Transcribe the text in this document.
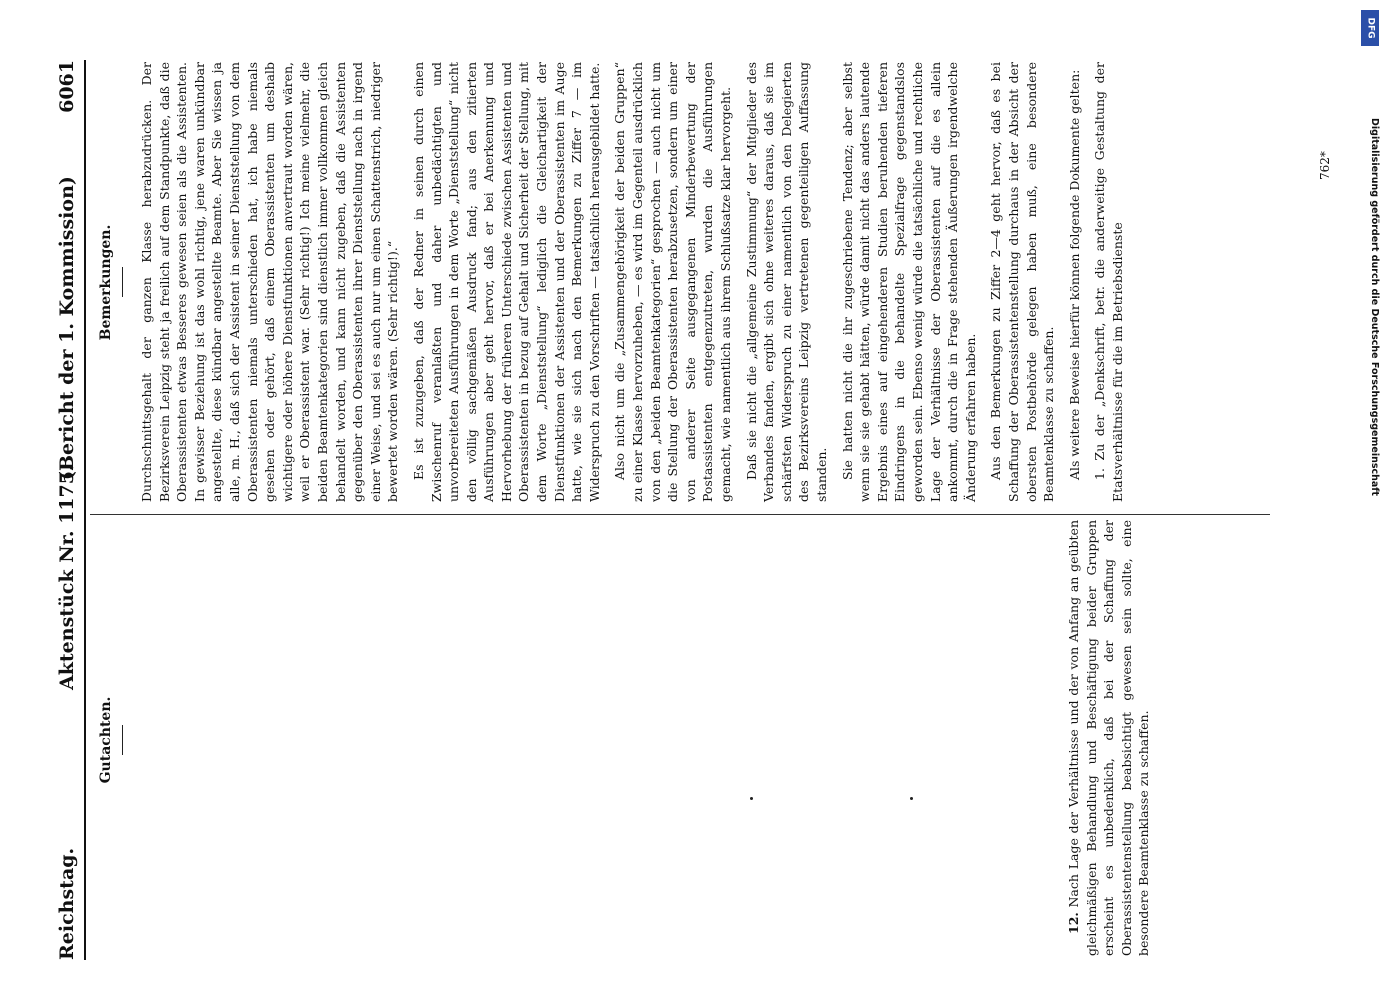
Reichstag.
Aktenstück Nr. 1175.
(Bericht der 1. Kommission)
6061
Gutachten.
Bemerkungen. Durchschnittsgehalt der ganzen Klasse herabzudrücken. Der Bezirksverein Leipzig steht ja freilich auf dem Standpunkte, daß die Oberassistenten etwas Besseres gewesen seien als die Assistenten. In gewisser Beziehung ist das wohl richtig, jene waren unkündbar angestellte, diese kündbar angestellte Beamte. Aber Sie wissen ja alle, m. H., daß sich der Assistent in seiner Dienststellung von dem Oberassistenten niemals unterschieden hat, ich habe niemals gesehen oder gehört, daß einem Oberassistenten um deshalb wichtigere oder höhere Dienstfunktionen anvertraut worden wären, weil er Oberassistent war. (Sehr richtig!) Ich meine vielmehr, die beiden Beamtenkategorien sind dienstlich immer vollkommen gleich behandelt worden, und kann nicht zugeben, daß die Assistenten gegenüber den Oberassistenten ihrer Dienststellung nach in irgend einer Weise, und sei es auch nur um einen Schattenstrich, niedriger bewertet worden wären. (Sehr richtig!).“ Es ist zuzugeben, daß der Redner in seinen durch einen Zwischenruf veranlaßten und daher unbedächtigten und unvorbereiteten Ausführungen in dem Worte „Dienststellung“ nicht den völlig sachgemäßen Ausdruck fand; aus den zitierten Ausführungen aber geht hervor, daß er bei Anerkennung und Hervorhebung der früheren Unterschiede zwischen Assistenten und Oberassistenten in bezug auf Gehalt und Sicherheit der Stellung, mit dem Worte „Dienststellung“ lediglich die Gleichartigkeit der Dienstfunktionen der Assistenten und der Oberassistenten im Auge hatte, wie sie sich nach den Bemerkungen zu Ziffer 7 — im Widerspruch zu den Vorschriften — tatsächlich herausgebildet hatte. Also nicht um die „Zusammengehörigkeit der beiden Gruppen“ zu einer Klasse hervorzuheben, — es wird im Gegenteil ausdrücklich von den „beiden Beamtenkategorien“ gesprochen — auch nicht um die Stellung der Oberassistenten herabzusetzen, sondern um einer von anderer Seite ausgegangenen Minderbewertung der Postassistenten entgegenzutreten, wurden die Ausführungen gemacht, wie namentlich aus ihrem Schlußsatze klar hervorgeht. Daß sie nicht die „allgemeine Zustimmung“ der Mitglieder des Verbandes fanden, ergibt sich ohne weiteres daraus, daß sie im schärfsten Widerspruch zu einer namentlich von den Delegierten des Bezirksvereins Leipzig vertretenen gegenteiligen Auffassung standen. Sie hatten nicht die ihr zugeschriebene Tendenz; aber selbst wenn sie sie gehabt hätten, würde damit nicht das anders lautende Ergebnis eines auf eingehenderen Studien beruhenden tieferen Eindringens in die behandelte Spezialfrage gegenstandslos geworden sein. Ebenso wenig würde die tatsächliche und rechtliche Lage der Verhältnisse der Oberassistenten auf die es allein ankommt, durch die in Frage stehenden Äußerungen irgendwelche Änderung erfahren haben. Aus den Bemerkungen zu Ziffer 2—4 geht hervor, daß es bei Schaffung der Oberassistentenstellung durchaus in der Absicht der obersten Postbehörde gelegen haben muß, eine besondere Beamtenklasse zu schaffen. Als weitere Beweise hierfür können folgende Dokumente gelten: 1. Zu der „Denkschrift, betr. die anderweitige Gestaltung der Etatsverhältnisse für die im Betriebsdienste

12. Nach Lage der Verhältnisse und der von Anfang an geübten gleichmäßigen Behandlung und Beschäftigung beider Gruppen erscheint es unbedenklich, daß bei der Schaffung der Oberassistentenstellung beabsichtigt gewesen sein sollte, eine besondere Beamtenklasse zu schaffen.

762*
DFG
Digitalisierung gefördert durch die Deutsche Forschungsgemeinschaft
